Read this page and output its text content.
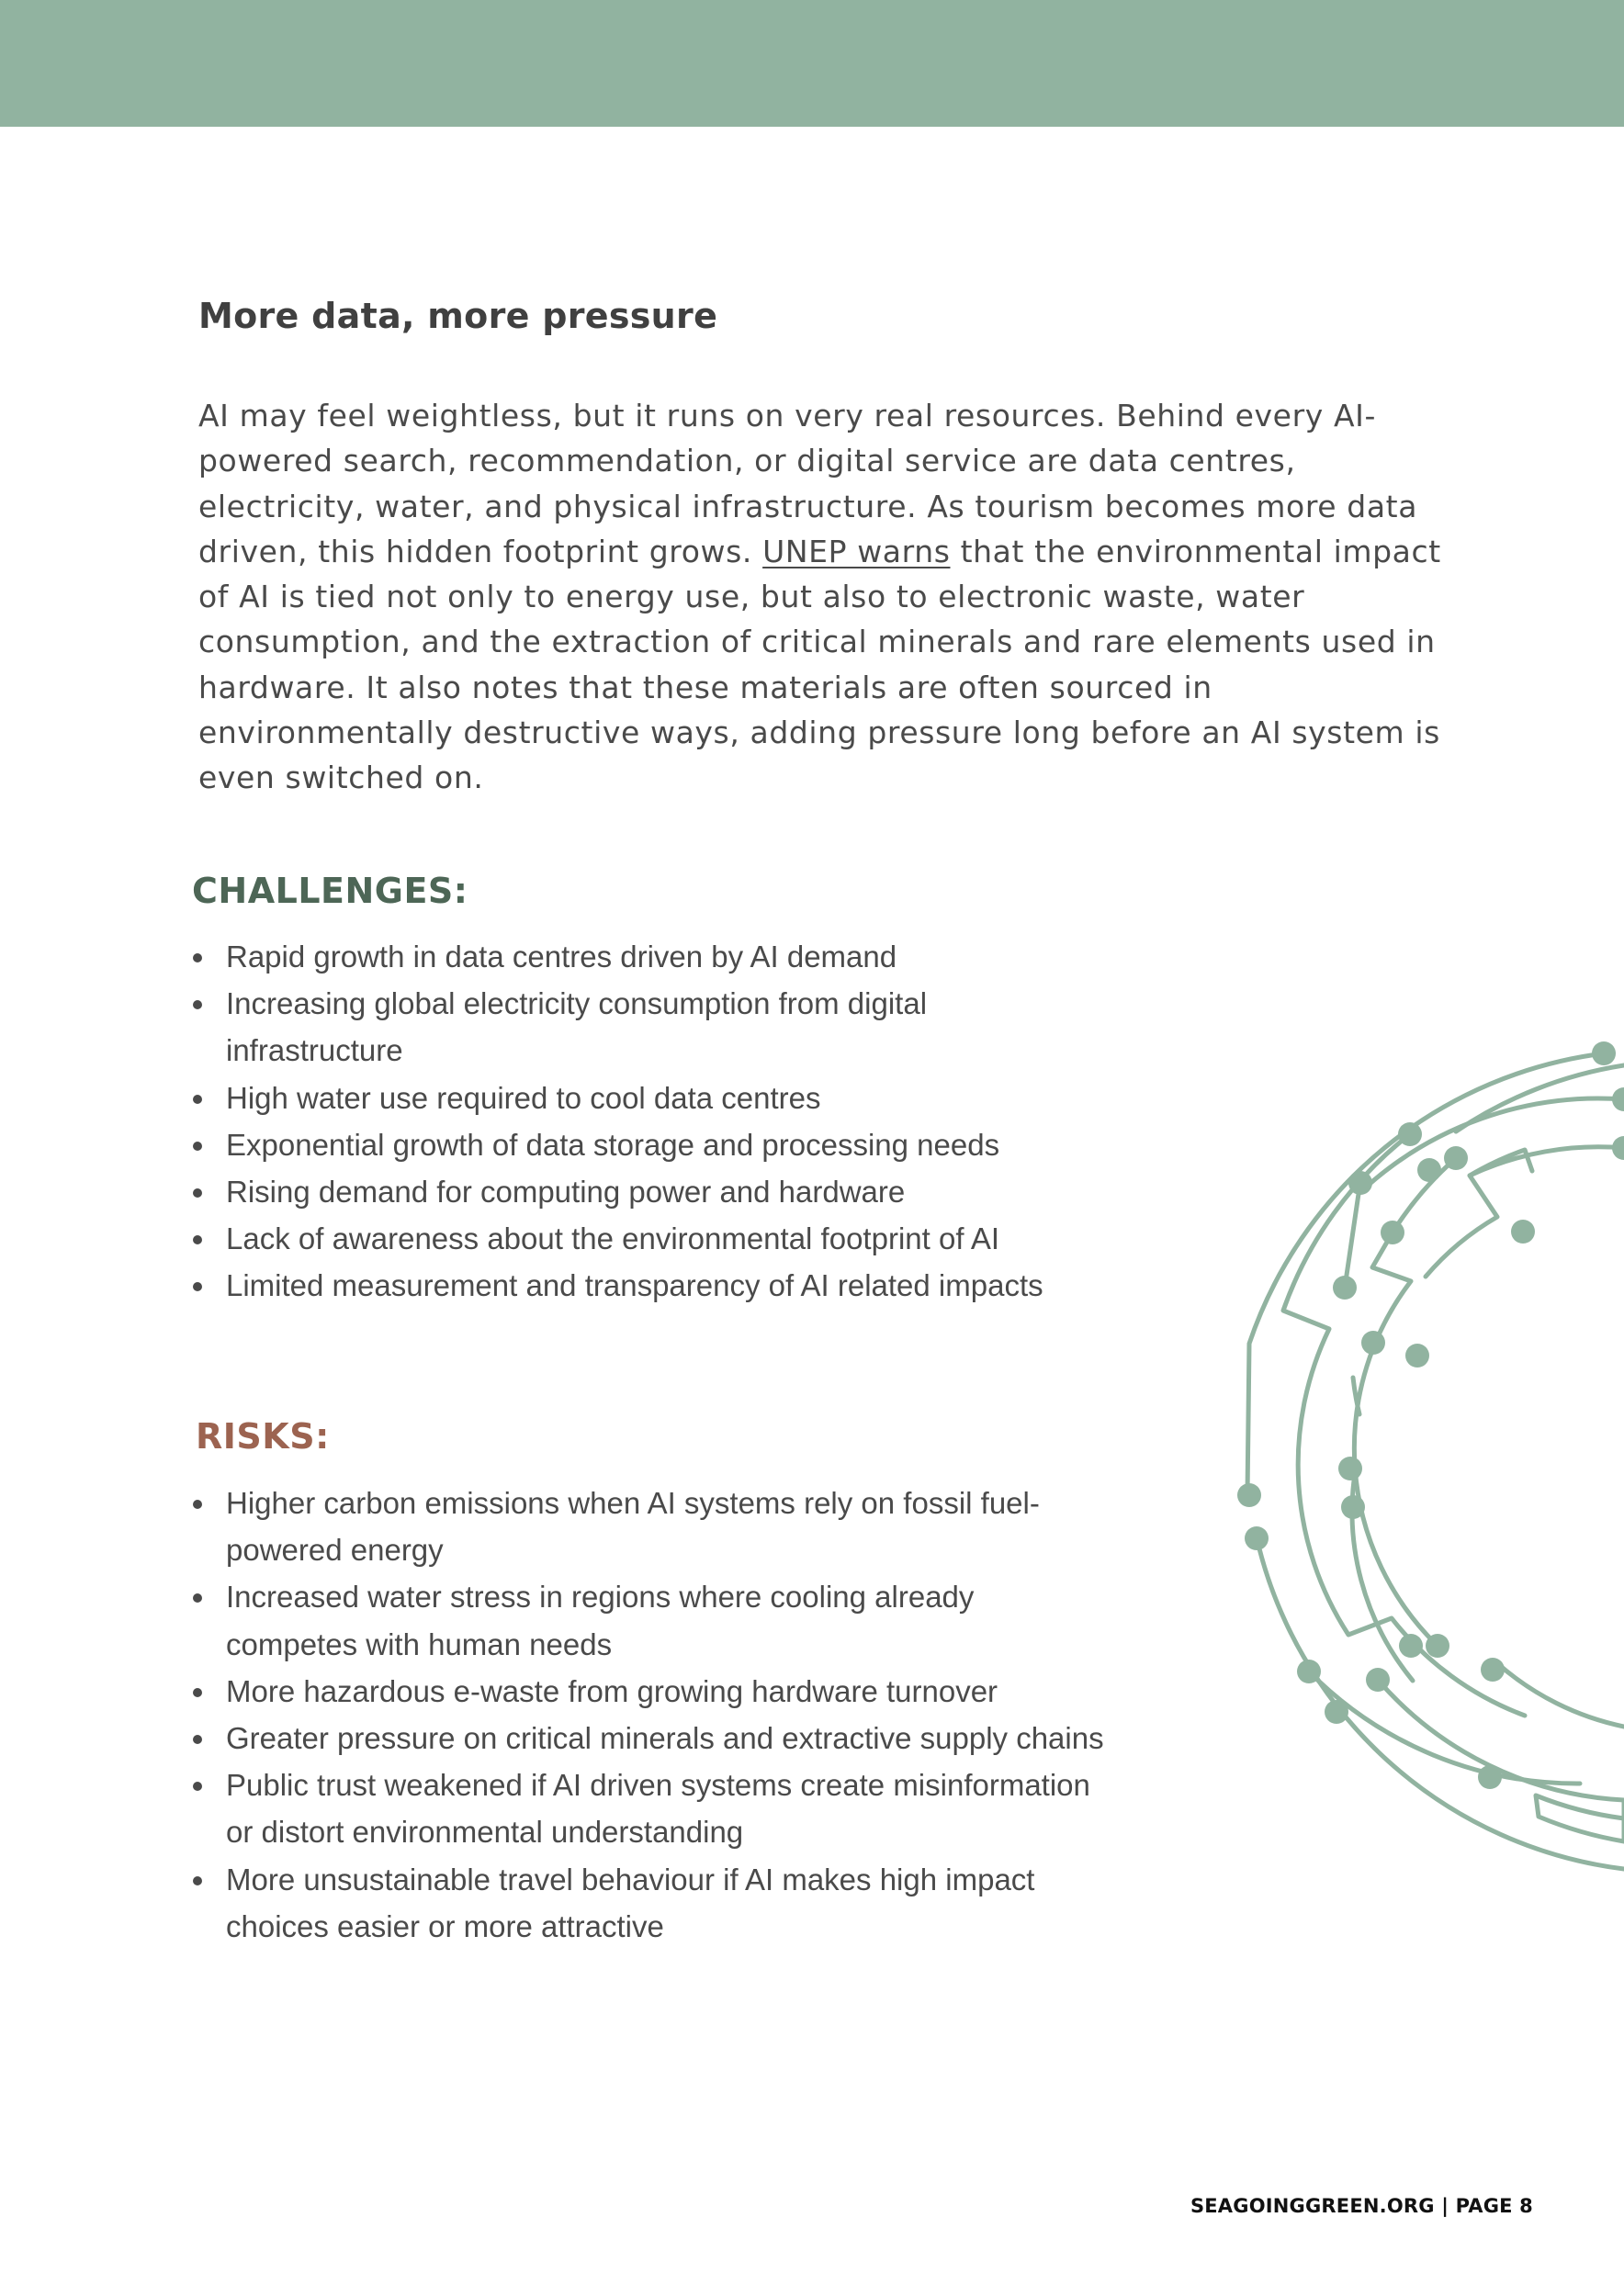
More data, more pressure

AI may feel weightless, but it runs on very real resources. Behind every AI-powered search, recommendation, or digital service are data centres, electricity, water, and physical infrastructure. As tourism becomes more data driven, this hidden footprint grows. UNEP warns that the environmental impact of AI is tied not only to energy use, but also to electronic waste, water consumption, and the extraction of critical minerals and rare elements used in hardware. It also notes that these materials are often sourced in environmentally destructive ways, adding pressure long before an AI system is even switched on.

CHALLENGES:
Rapid growth in data centres driven by AI demand
Increasing global electricity consumption from digital infrastructure
High water use required to cool data centres
Exponential growth of data storage and processing needs
Rising demand for computing power and hardware
Lack of awareness about the environmental footprint of AI
Limited measurement and transparency of AI related impacts
RISKS:
Higher carbon emissions when AI systems rely on fossil fuel-powered energy
Increased water stress in regions where cooling already competes with human needs
More hazardous e-waste from growing hardware turnover
Greater pressure on critical minerals and extractive supply chains
Public trust weakened if AI driven systems create misinformation or distort environmental understanding
More unsustainable travel behaviour if AI makes high impact choices easier or more attractive

SEAGOINGGREEN.ORG | PAGE 8
